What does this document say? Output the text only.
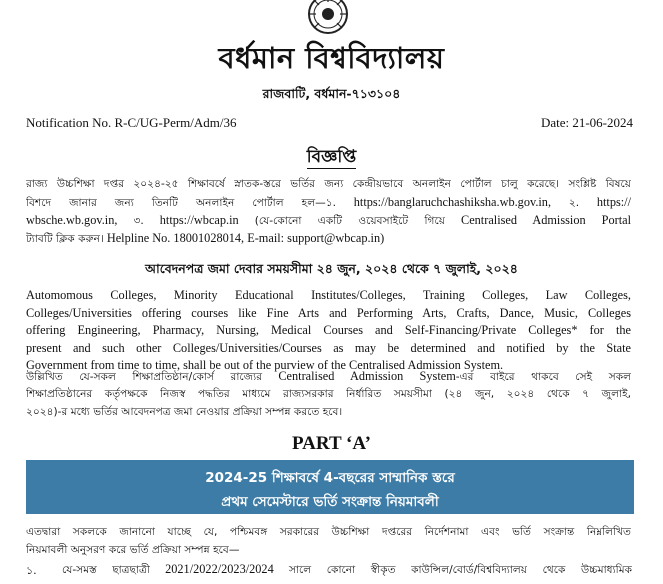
বর্ধমান বিশ্ববিদ্যালয়
রাজবাটি, বর্ধমান-৭১৩১০৪
Notification No. R-C/UG-Perm/Adm/36	Date: 21-06-2024
বিজ্ঞপ্তি
রাজ্য উচ্চশিক্ষা দপ্তর ২০২৪-২৫ শিক্ষাবর্ষে স্নাতক-স্তরে ভর্তির জন্য কেন্দ্রীয়ভাবে অনলাইন পোর্টাল চালু করেছে। সংশ্লিষ্ট বিষয়ে
বিশদে জানার জন্য তিনটি অনলাইন পোর্টাল হল—১. https://banglaruchchashiksha.wb.gov.in, ২. https://
wbsche.wb.gov.in, ৩. https://wbcap.in (যে-কোনো একটি ওয়েবসাইটে গিয়ে Centralised Admission Portal
ট্যাবটি ক্লিক করুন। Helpline No. 18001028014, E-mail: support@wbcap.in)
আবেদনপত্র জমা দেবার সময়সীমা ২৪ জুন, ২০২৪ থেকে ৭ জুলাই, ২০২৪
Automomous Colleges, Minority Educational Institutes/Colleges, Training Colleges, Law Colleges,
Colleges/Universities offering courses like Fine Arts and Performing Arts, Crafts, Dance, Music, Colleges
offering Engineering, Pharmacy, Nursing, Medical Courses and Self-Financing/Private Colleges* for the
present and such other Colleges/Universities/Courses as may be determined and notified by the State
Government from time to time, shall be out of the purview of the Centralised Admission System.
উল্লিখিত যে-সকল শিক্ষাপ্রতিষ্ঠান/কোর্স রাজ্যের Centralised Admission System-এর বাইরে থাকবে সেই সকল
শিক্ষাপ্রতিষ্ঠানের কর্তৃপক্ষকে নিজস্ব পদ্ধতির মাধ্যমে রাজ্যসরকার নির্ধারিত সময়সীমা (২৪ জুন, ২০২৪ থেকে ৭ জুলাই,
২০২৪)-র মধ্যে ভর্তির আবেদনপত্র জমা নেওয়ার প্রক্রিয়া সম্পন্ন করতে হবে।
PART ‘A’
2024-25 শিক্ষাবর্ষে 4-বছরের সাম্মানিক স্তরে
প্রথম সেমেস্টারে ভর্তি সংক্রান্ত নিয়মাবলী
এতদ্বারা সকলকে জানানো যাচ্ছে যে, পশ্চিমবঙ্গ সরকারের উচ্চশিক্ষা দপ্তরের নির্দেশনামা এবং ভর্তি সংক্রান্ত নিম্নলিখিত
নিয়মাবলী অনুসরণ করে ভর্তি প্রক্রিয়া সম্পন্ন হবে—
১. যে-সমস্ত ছাত্রছাত্রী 2021/2022/2023/2024 সালে কোনো স্বীকৃত কাউন্সিল/বোর্ড/বিশ্ববিদ্যালয় থেকে উচ্চমাধ্যমিক
